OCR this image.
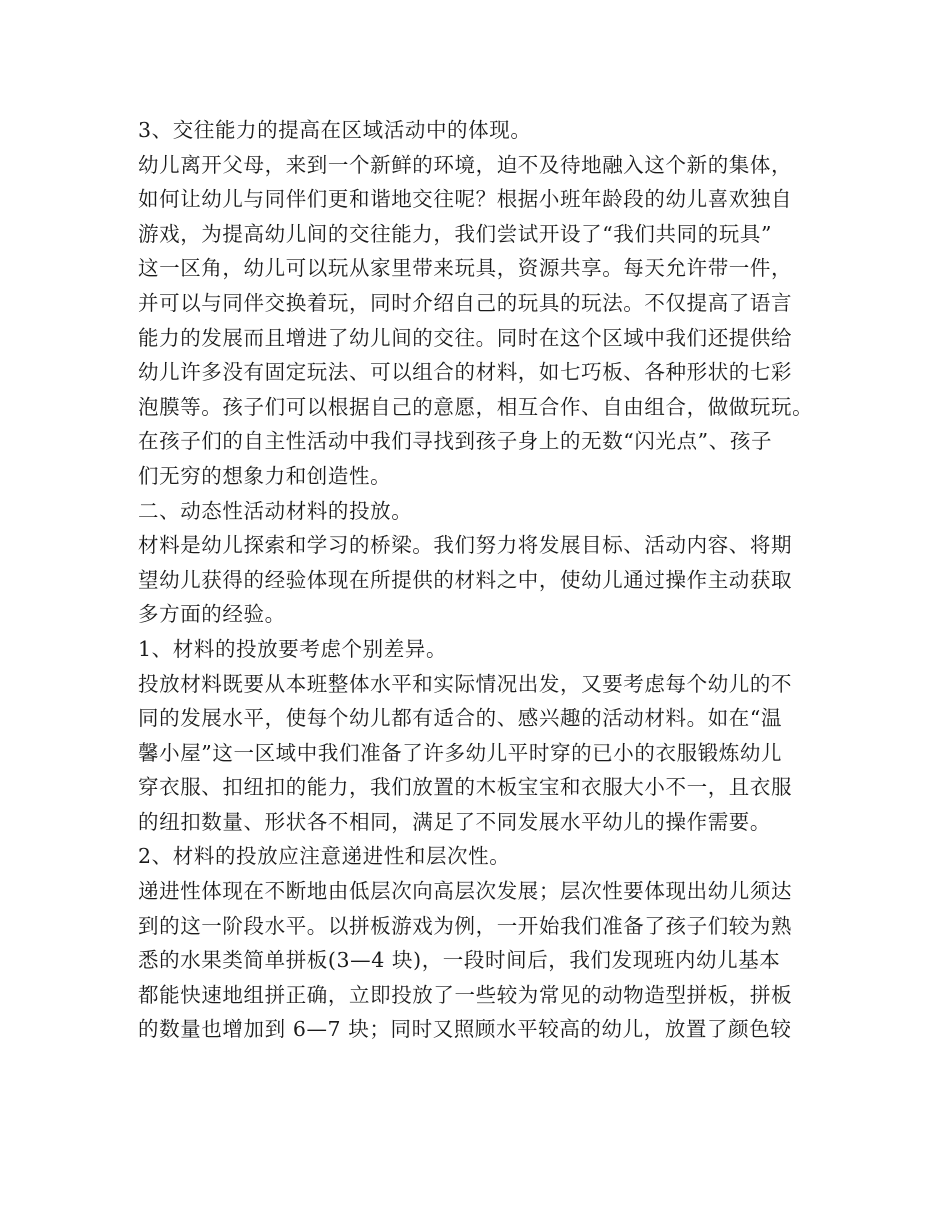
3、交往能力的提高在区域活动中的体现。
幼儿离开父母，来到一个新鲜的环境，迫不及待地融入这个新的集体，
如何让幼儿与同伴们更和谐地交往呢？根据小班年龄段的幼儿喜欢独自
游戏，为提高幼儿间的交往能力，我们尝试开设了“我们共同的玩具”
这一区角，幼儿可以玩从家里带来玩具，资源共享。每天允许带一件，
并可以与同伴交换着玩，同时介绍自己的玩具的玩法。不仅提高了语言
能力的发展而且增进了幼儿间的交往。同时在这个区域中我们还提供给
幼儿许多没有固定玩法、可以组合的材料，如七巧板、各种形状的七彩
泡膜等。孩子们可以根据自己的意愿，相互合作、自由组合，做做玩玩。
在孩子们的自主性活动中我们寻找到孩子身上的无数“闪光点”、孩子
们无穷的想象力和创造性。
二、动态性活动材料的投放。
材料是幼儿探索和学习的桥梁。我们努力将发展目标、活动内容、将期
望幼儿获得的经验体现在所提供的材料之中，使幼儿通过操作主动获取
多方面的经验。
1、材料的投放要考虑个别差异。
投放材料既要从本班整体水平和实际情况出发，又要考虑每个幼儿的不
同的发展水平，使每个幼儿都有适合的、感兴趣的活动材料。如在“温
馨小屋”这一区域中我们准备了许多幼儿平时穿的已小的衣服锻炼幼儿
穿衣服、扣纽扣的能力，我们放置的木板宝宝和衣服大小不一，且衣服
的纽扣数量、形状各不相同，满足了不同发展水平幼儿的操作需要。
2、材料的投放应注意递进性和层次性。
递进性体现在不断地由低层次向高层次发展；层次性要体现出幼儿须达
到的这一阶段水平。以拼板游戏为例，一开始我们准备了孩子们较为熟
悉的水果类简单拼板(3—4 块)，一段时间后，我们发现班内幼儿基本
都能快速地组拼正确，立即投放了一些较为常见的动物造型拼板，拼板
的数量也增加到 6—7 块；同时又照顾水平较高的幼儿，放置了颜色较
